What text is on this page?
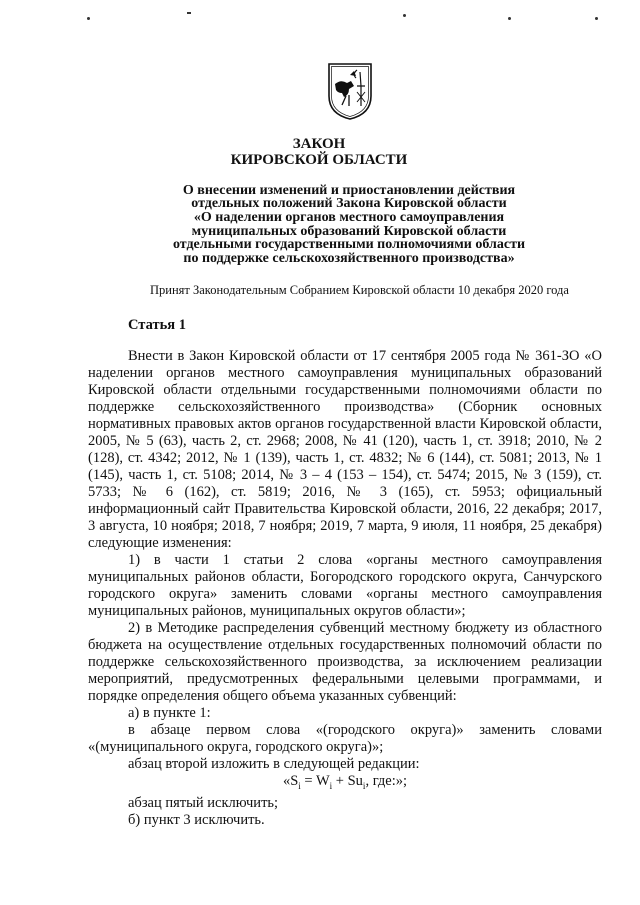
ЗАКОН
КИРОВСКОЙ ОБЛАСТИ
О внесении изменений и приостановлении действия
отдельных положений Закона Кировской области
«О наделении органов местного самоуправления
муниципальных образований Кировской области
отдельными государственными полномочиями области
по поддержке сельскохозяйственного производства»
Принят Законодательным Собранием Кировской области 10 декабря 2020 года
Статья 1

Внести в Закон Кировской области от 17 сентября 2005 года № 361-ЗО «О наделении органов местного самоуправления муниципальных образований Кировской области отдельными государственными полномочиями области по поддержке сельскохозяйственного производства» (Сборник основных нормативных правовых актов органов государственной власти Кировской области, 2005, № 5 (63), часть 2, ст. 2968; 2008, № 41 (120), часть 1, ст. 3918; 2010, № 2 (128), ст. 4342; 2012, № 1 (139), часть 1, ст. 4832; № 6 (144), ст. 5081; 2013, № 1 (145), часть 1, ст. 5108; 2014, № 3 – 4 (153 – 154), ст. 5474; 2015, № 3 (159), ст. 5733; № 6 (162), ст. 5819; 2016, № 3 (165), ст. 5953; официальный информационный сайт Правительства Кировской области, 2016, 22 декабря; 2017, 3 августа, 10 ноября; 2018, 7 ноября; 2019, 7 марта, 9 июля, 11 ноября, 25 декабря) следующие изменения:

1) в части 1 статьи 2 слова «органы местного самоуправления муниципальных районов области, Богородского городского округа, Санчурского городского округа» заменить словами «органы местного самоуправления муниципальных районов, муниципальных округов области»;

2) в Методике распределения субвенций местному бюджету из областного бюджета на осуществление отдельных государственных полномочий области по поддержке сельскохозяйственного производства, за исключением реализации мероприятий, предусмотренных федеральными целевыми программами, и порядке определения общего объема указанных субвенций:

а) в пункте 1:

в абзаце первом слова «(городского округа)» заменить словами «(муниципального округа, городского округа)»;

абзац второй изложить в следующей редакции:

«$S_i = W_i + Su_i$, где:»;

абзац пятый исключить;

б) пункт 3 исключить.
